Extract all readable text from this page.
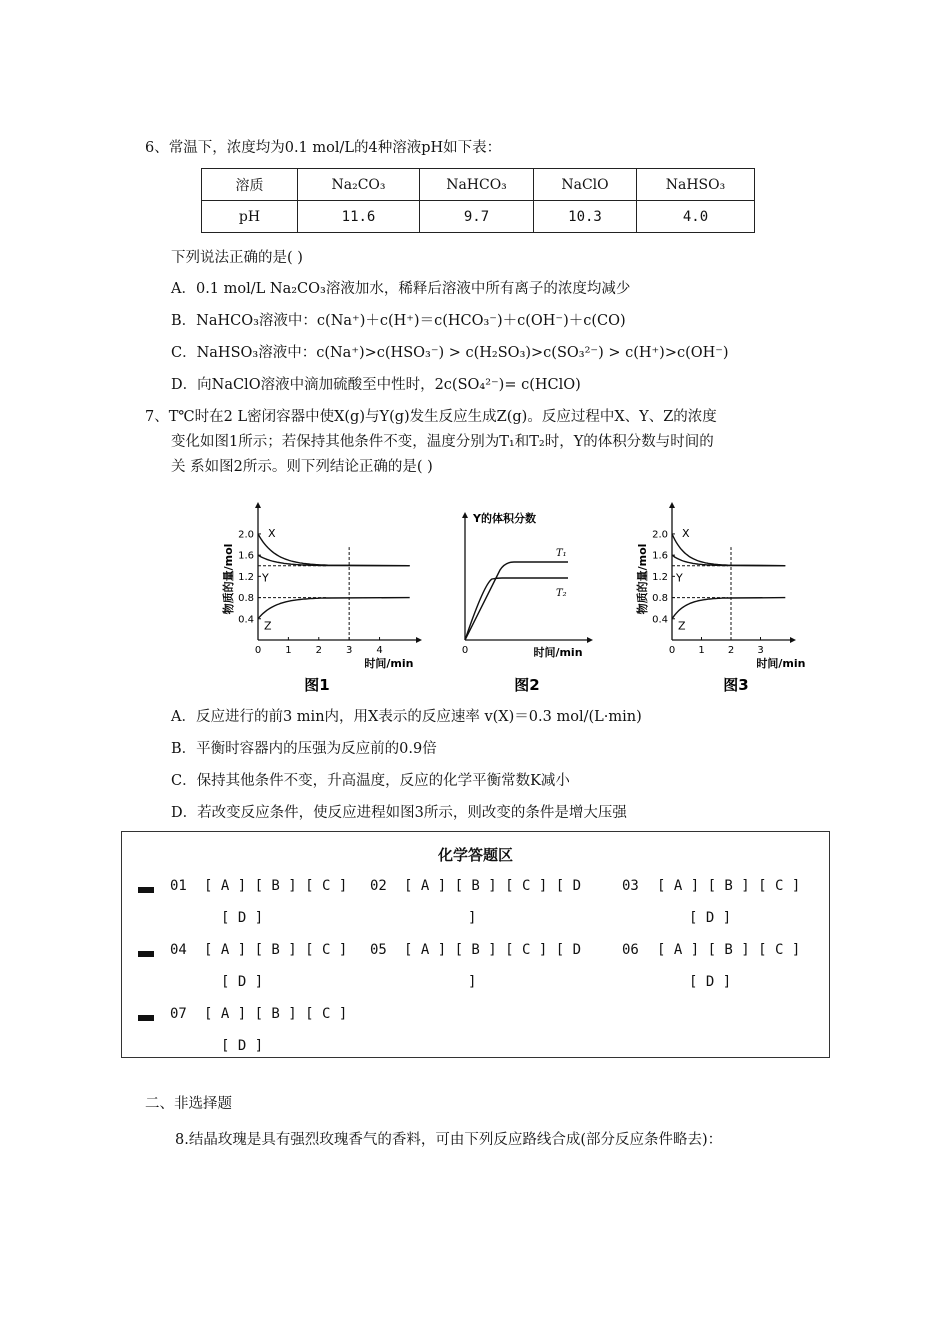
6、常温下，浓度均为0.1 mol/L的4种溶液pH如下表：
溶质	Na₂CO₃	NaHCO₃	NaClO	NaHSO₃
pH	11.6	9.7	10.3	4.0
下列说法正确的是( )
A．0.1 mol/L Na₂CO₃溶液加水，稀释后溶液中所有离子的浓度均减少
B．NaHCO₃溶液中：c(Na⁺)＋c(H⁺)＝c(HCO₃⁻)＋c(OH⁻)＋c(CO)
C．NaHSO₃溶液中：c(Na⁺)>c(HSO₃⁻) > c(H₂SO₃)>c(SO₃²⁻) > c(H⁺)>c(OH⁻)
D．向NaClO溶液中滴加硫酸至中性时，2c(SO₄²⁻)= c(HClO)
7、T℃时在2 L密闭容器中使X(g)与Y(g)发生反应生成Z(g)。反应过程中X、Y、Z的浓度
变化如图1所示；若保持其他条件不变，温度分别为T₁和T₂时，Y的体积分数与时间的
关 系如图2所示。则下列结论正确的是( )
2.0
1.6
1.2
0.8
0.4
0 1 2 3 4
时间/min
物质的量/mol
X
Y
Z
图1
Y的体积分数
0	时间/min
T₁
T₂
图2
2.0
1.6
1.2
0.8
0.4
0 1 2 3
时间/min
物质的量/mol
X
Y
Z
图3
A．反应进行的前3 min内，用X表示的反应速率 v(X)＝0.3 mol/(L·min)
B．平衡时容器内的压强为反应前的0.9倍
C．保持其他条件不变，升高温度，反应的化学平衡常数K减小
D．若改变反应条件，使反应进程如图3所示，则改变的条件是增大压强
化学答题区
01 [ A ] [ B ] [ C ]
[ D ]
02 [ A ] [ B ] [ C ] [ D
]
03 [ A ] [ B ] [ C ]
[ D ]
04 [ A ] [ B ] [ C ]
[ D ]
05 [ A ] [ B ] [ C ] [ D
]
06 [ A ] [ B ] [ C ]
[ D ]
07 [ A ] [ B ] [ C ]
[ D ]
二、非选择题
8.结晶玫瑰是具有强烈玫瑰香气的香料，可由下列反应路线合成(部分反应条件略去)：
